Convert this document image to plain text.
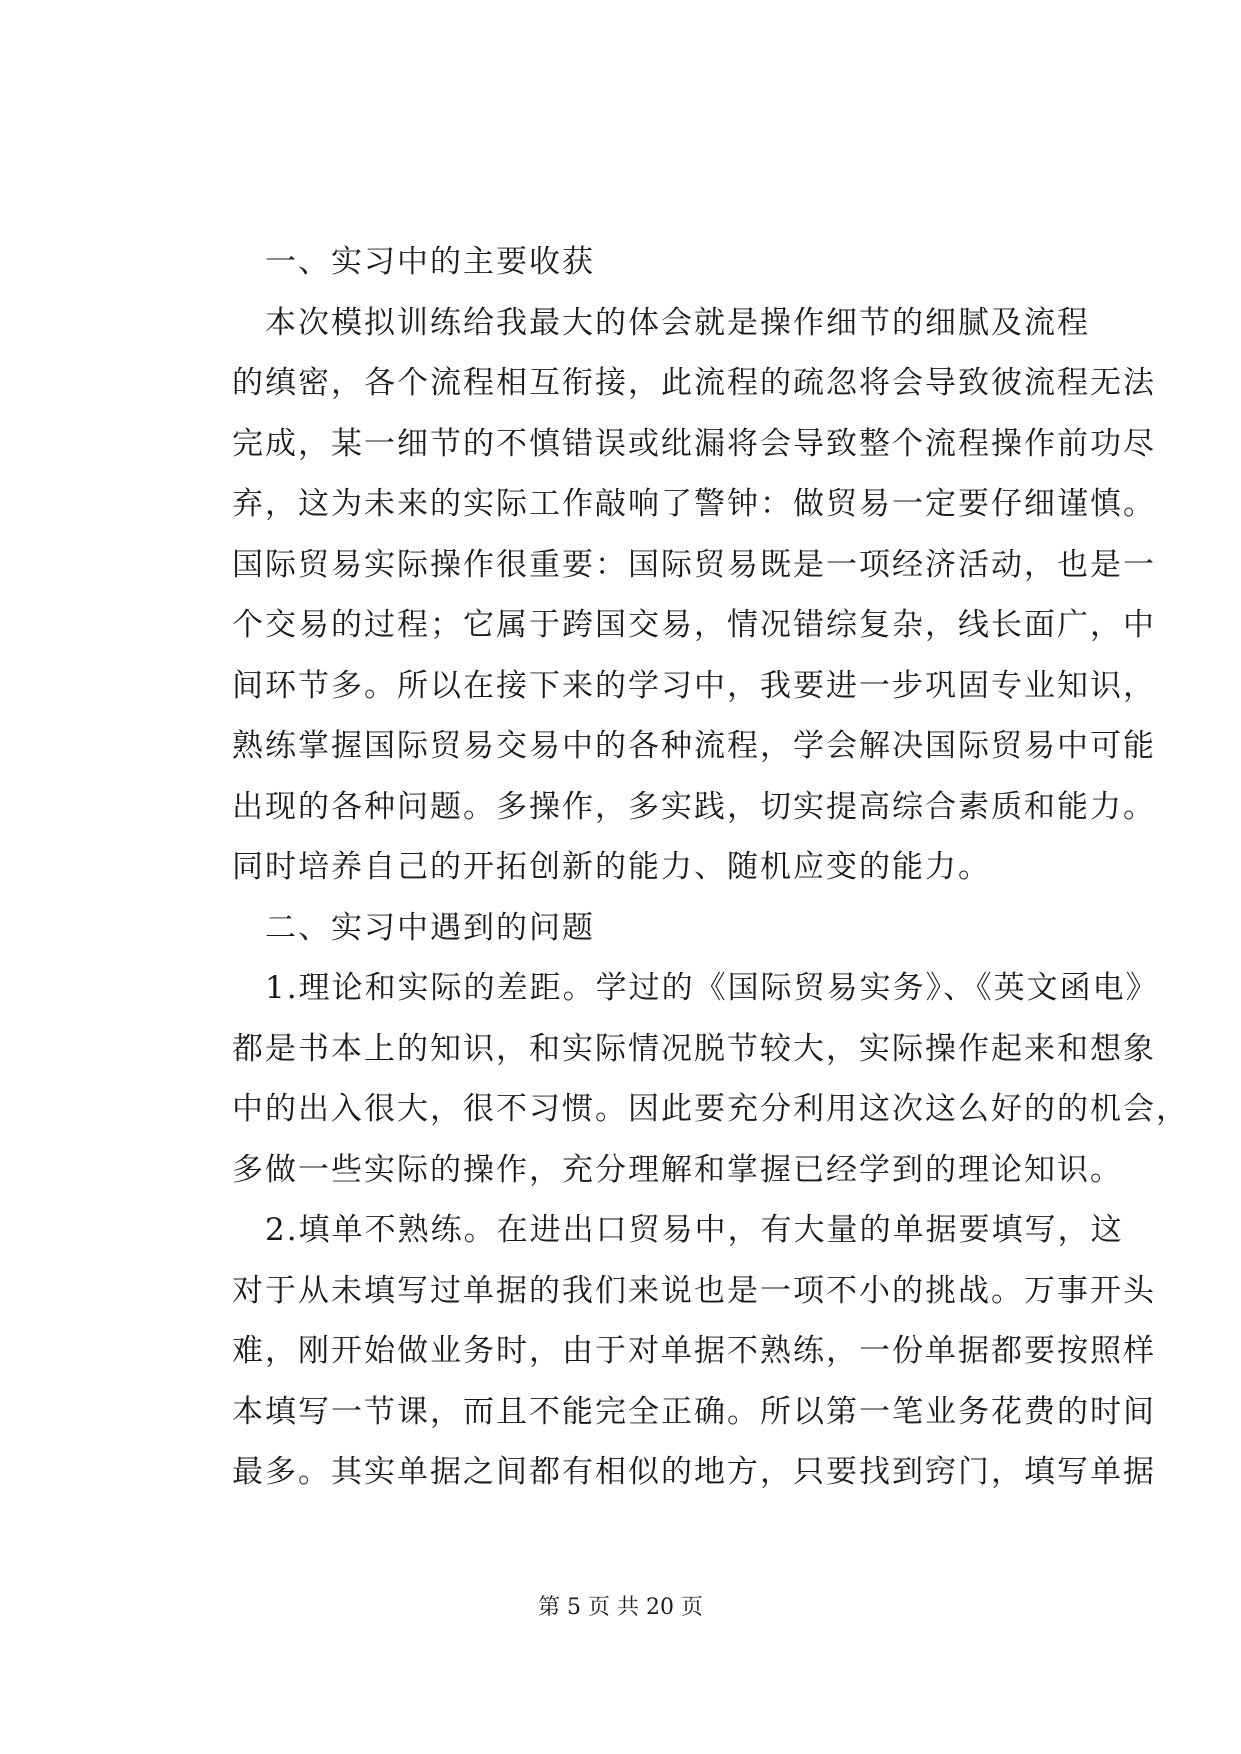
　一、实习中的主要收获
　本次模拟训练给我最大的体会就是操作细节的细腻及流程
的缜密，各个流程相互衔接，此流程的疏忽将会导致彼流程无法
完成，某一细节的不慎错误或纰漏将会导致整个流程操作前功尽
弃，这为未来的实际工作敲响了警钟：做贸易一定要仔细谨慎。
国际贸易实际操作很重要：国际贸易既是一项经济活动，也是一
个交易的过程；它属于跨国交易，情况错综复杂，线长面广，中
间环节多。所以在接下来的学习中，我要进一步巩固专业知识，
熟练掌握国际贸易交易中的各种流程，学会解决国际贸易中可能
出现的各种问题。多操作，多实践，切实提高综合素质和能力。
同时培养自己的开拓创新的能力、随机应变的能力。
　二、实习中遇到的问题
　1.理论和实际的差距。学过的《国际贸易实务》、《英文函电》
都是书本上的知识，和实际情况脱节较大，实际操作起来和想象
中的出入很大，很不习惯。因此要充分利用这次这么好的的机会，
多做一些实际的操作，充分理解和掌握已经学到的理论知识。
　2.填单不熟练。在进出口贸易中，有大量的单据要填写，这
对于从未填写过单据的我们来说也是一项不小的挑战。万事开头
难，刚开始做业务时，由于对单据不熟练，一份单据都要按照样
本填写一节课，而且不能完全正确。所以第一笔业务花费的时间
最多。其实单据之间都有相似的地方，只要找到窍门，填写单据
第 5 页 共 20 页
